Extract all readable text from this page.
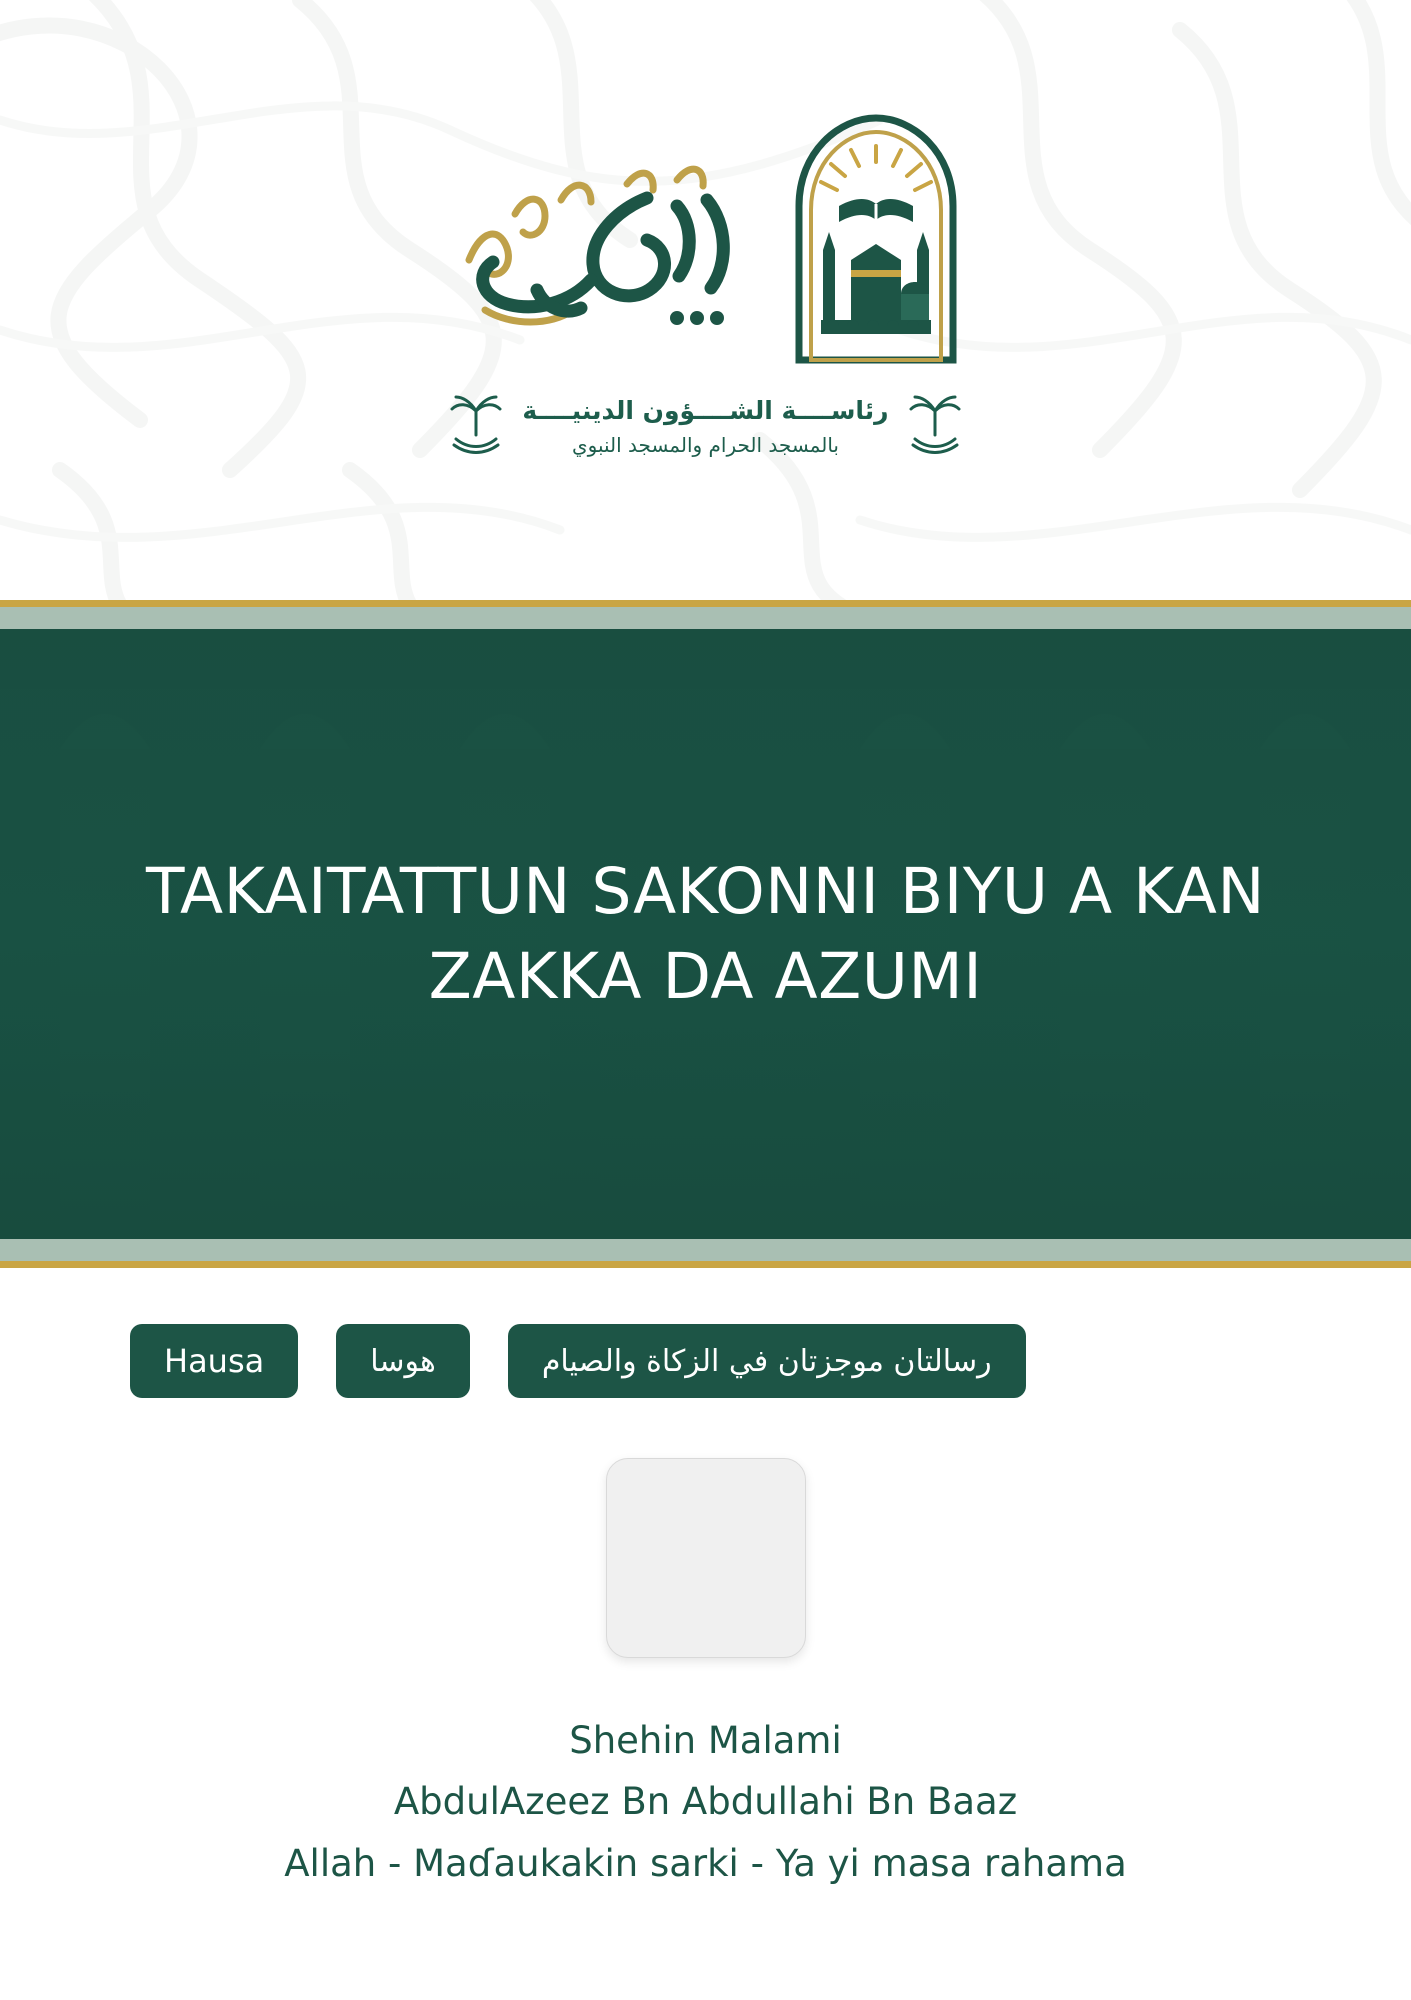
رئاســــة الشــــؤون الدينيــــة
بالمسجد الحرام والمسجد النبوي
TAKAITATTUN SAKONNI BIYU A KAN ZAKKA DA AZUMI
Hausa	هوسا	رسالتان موجزتان في الزكاة والصيام
Shehin Malami
AbdulAzeez Bn Abdullahi Bn Baaz
Allah - Maɗaukakin sarki - Ya yi masa rahama
